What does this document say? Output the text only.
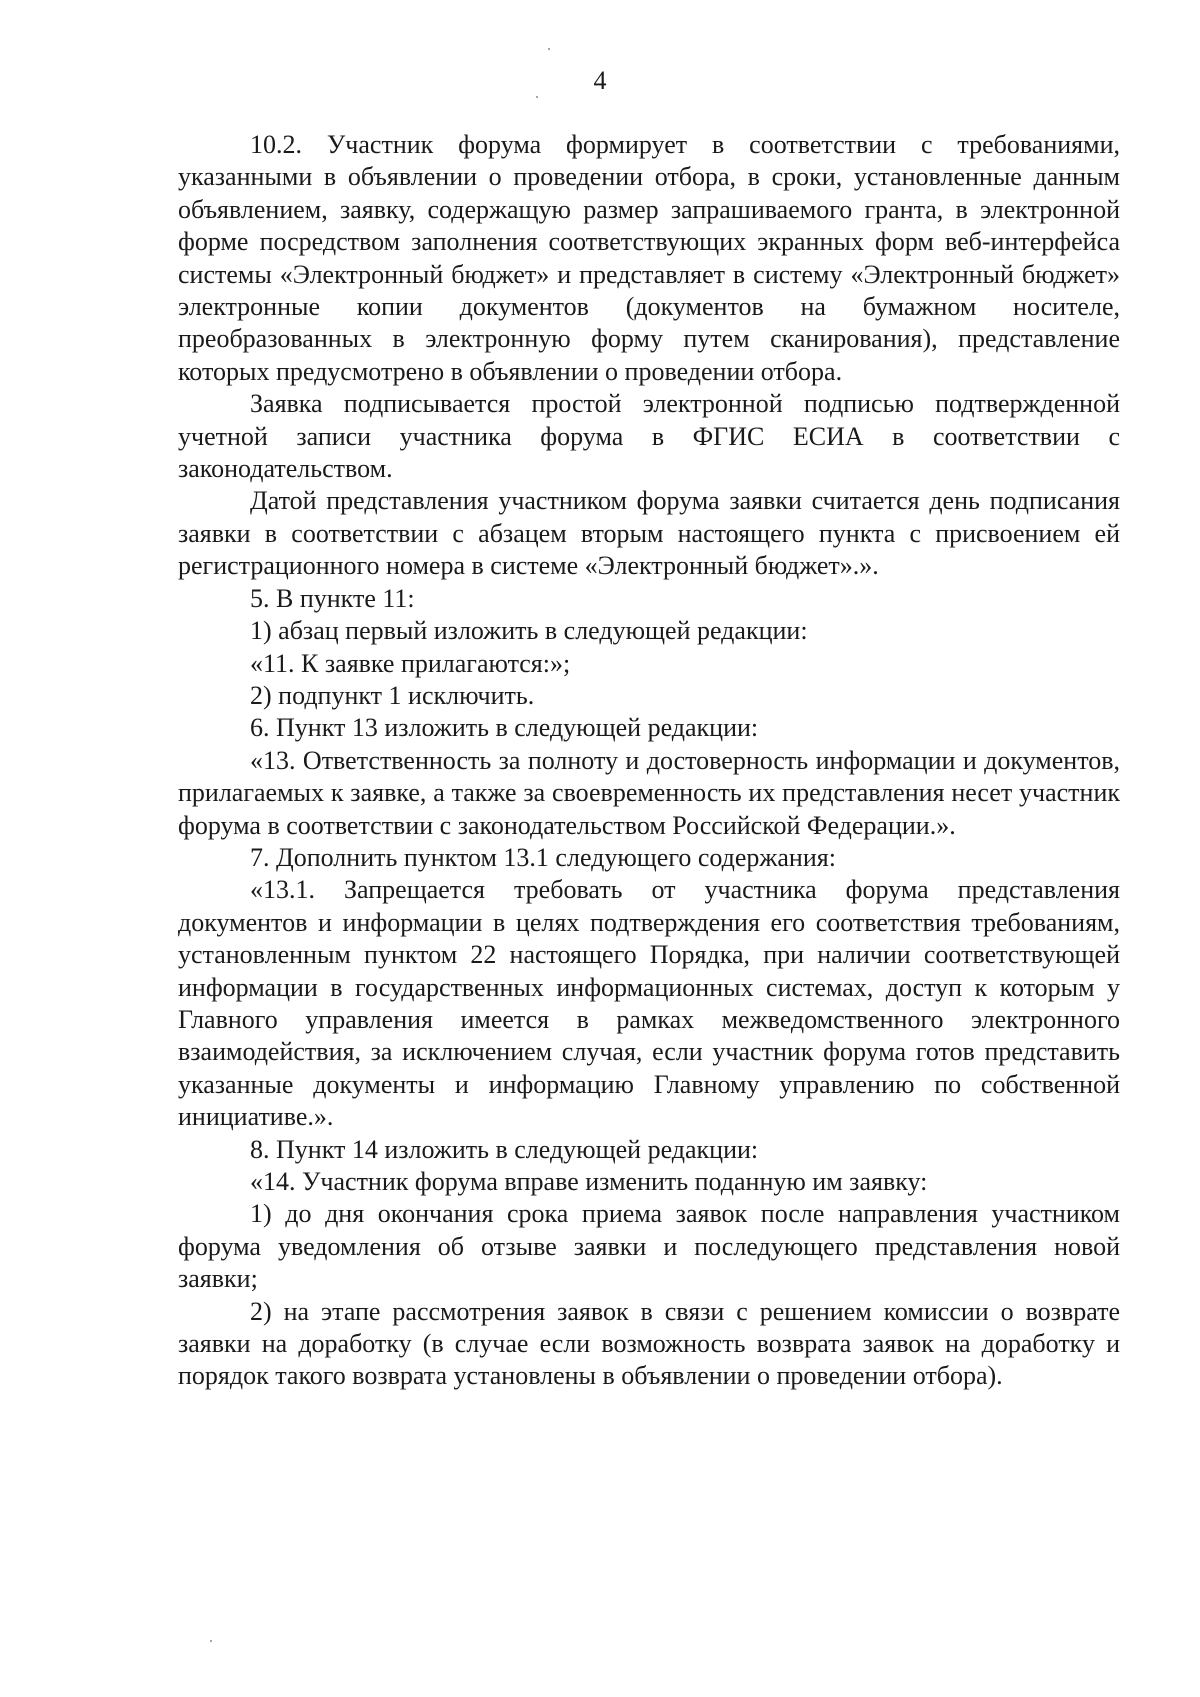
4

10.2. Участник форума формирует в соответствии с требованиями, указанными в объявлении о проведении отбора, в сроки, установленные данным объявлением, заявку, содержащую размер запрашиваемого гранта, в электронной форме посредством заполнения соответствующих экранных форм веб-интерфейса системы «Электронный бюджет» и представляет в систему «Электронный бюджет» электронные копии документов (документов на бумажном носителе, преобразованных в электронную форму путем сканирования), представление которых предусмотрено в объявлении о проведении отбора.

Заявка подписывается простой электронной подписью подтвержденной учетной записи участника форума в ФГИС ЕСИА в соответствии с законодательством.

Датой представления участником форума заявки считается день подписания заявки в соответствии с абзацем вторым настоящего пункта с присвоением ей регистрационного номера в системе «Электронный бюджет».».

5. В пункте 11:

1) абзац первый изложить в следующей редакции:

«11. К заявке прилагаются:»;

2) подпункт 1 исключить.

6. Пункт 13 изложить в следующей редакции:

«13. Ответственность за полноту и достоверность информации и документов, прилагаемых к заявке, а также за своевременность их представления несет участник форума в соответствии с законодательством Российской Федерации.».

7. Дополнить пунктом 13.1 следующего содержания:

«13.1. Запрещается требовать от участника форума представления документов и информации в целях подтверждения его соответствия требованиям, установленным пунктом 22 настоящего Порядка, при наличии соответствующей информации в государственных информационных системах, доступ к которым у Главного управления имеется в рамках межведомственного электронного взаимодействия, за исключением случая, если участник форума готов представить указанные документы и информацию Главному управлению по собственной инициативе.».

8. Пункт 14 изложить в следующей редакции:

«14. Участник форума вправе изменить поданную им заявку:

1) до дня окончания срока приема заявок после направления участником форума уведомления об отзыве заявки и последующего представления новой заявки;

2) на этапе рассмотрения заявок в связи с решением комиссии о возврате заявки на доработку (в случае если возможность возврата заявок на доработку и порядок такого возврата установлены в объявлении о проведении отбора).
